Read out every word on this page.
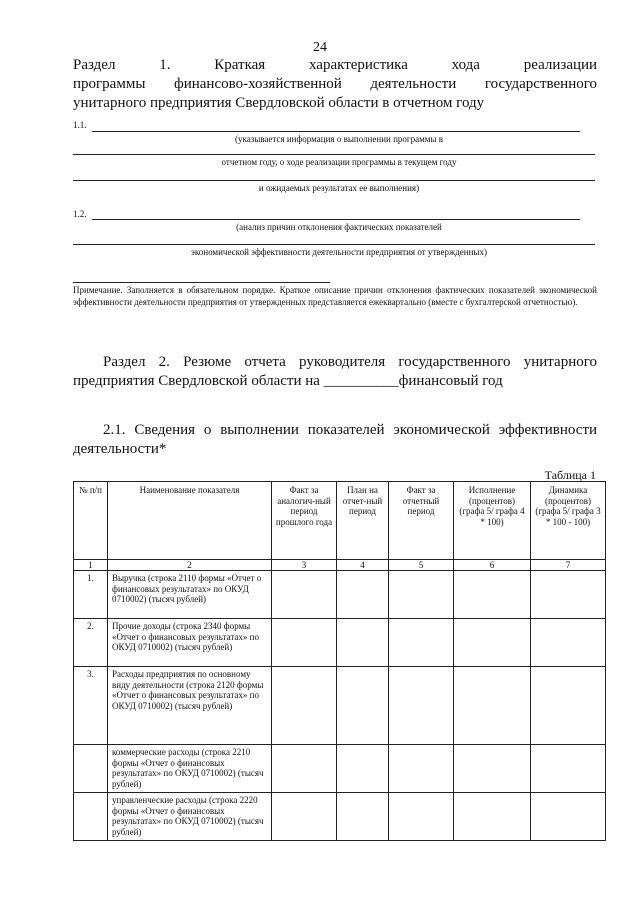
24
Раздел	1.	Краткая	характеристика	хода	реализации
программы финансово-хозяйственной деятельности государственного
унитарного предприятия Свердловской области в отчетном году
1.1.
(указывается информация о выполнении программы в
отчетном году, о ходе реализации программы в текущем году
и ожидаемых результатах ее выполнения)
1.2.
(анализ причин отклонения фактических показателей
экономической эффективности деятельности предприятия от утвержденных)
Примечание. Заполняется в обязательном порядке. Краткое описание причин отклонения фактических показателей экономической эффективности деятельности предприятия от утвержденных представляется ежеквартально (вместе с бухгалтерской отчетностью).
Раздел 2. Резюме отчета руководителя государственного унитарного
предприятия Свердловской области на __________финансовый год
2.1. Сведения о выполнении показателей экономической эффективности
деятельности*
Таблица 1
№ п/п	Наименование показателя	Факт за аналогич-ный период прошлого года	План на отчет-ный период	Факт за отчетный период	Исполнение (процентов) (графа 5/ графа 4 * 100)	Динамика (процентов) (графа 5/ графа 3 * 100 - 100)
1	2	3	4	5	6	7
1.	Выручка (строка 2110 формы «Отчет о финансовых результатах» по ОКУД 0710002) (тысяч рублей)					
2.	Прочие доходы (строка 2340 формы «Отчет о финансовых результатах» по ОКУД 0710002) (тысяч рублей)					
3.	Расходы предприятия по основному виду деятельности (строка 2120 формы «Отчет о финансовых результатах» по ОКУД 0710002) (тысяч рублей)					
	коммерческие расходы (строка 2210 формы «Отчет о финансовых результатах» по ОКУД 0710002) (тысяч рублей)					
	управленческие расходы (строка 2220 формы «Отчет о финансовых результатах» по ОКУД 0710002) (тысяч рублей)					
